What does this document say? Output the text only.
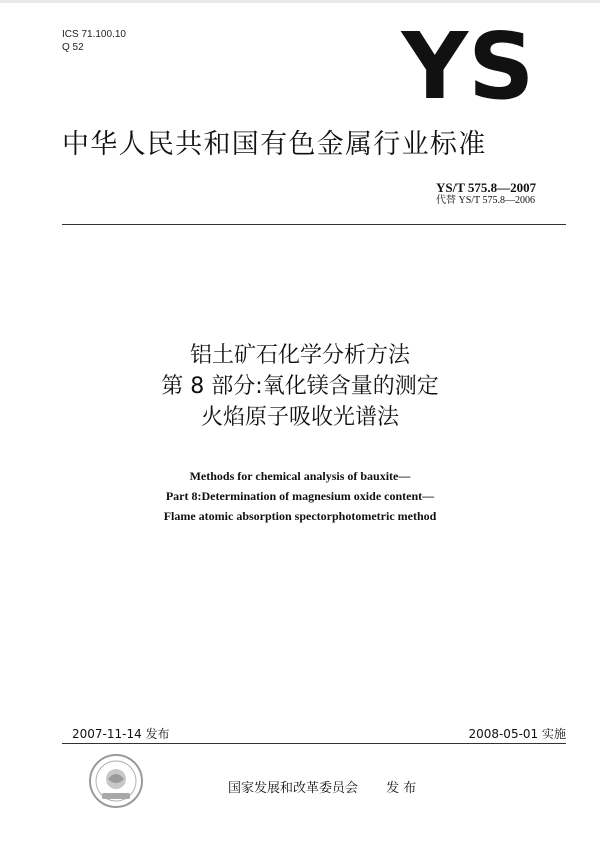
ICS 71.100.10
Q 52	YS
中华人民共和国有色金属行业标准
YS/T 575.8—2007
代替 YS/T 575.8—2006
铝土矿石化学分析方法
第 8 部分:氧化镁含量的测定
火焰原子吸收光谱法
Methods for chemical analysis of bauxite—
Part 8:Determination of magnesium oxide content—
Flame atomic absorption spectorphotometric method
2007-11-14 发布	2008-05-01 实施
国家发展和改革委员会 发 布
